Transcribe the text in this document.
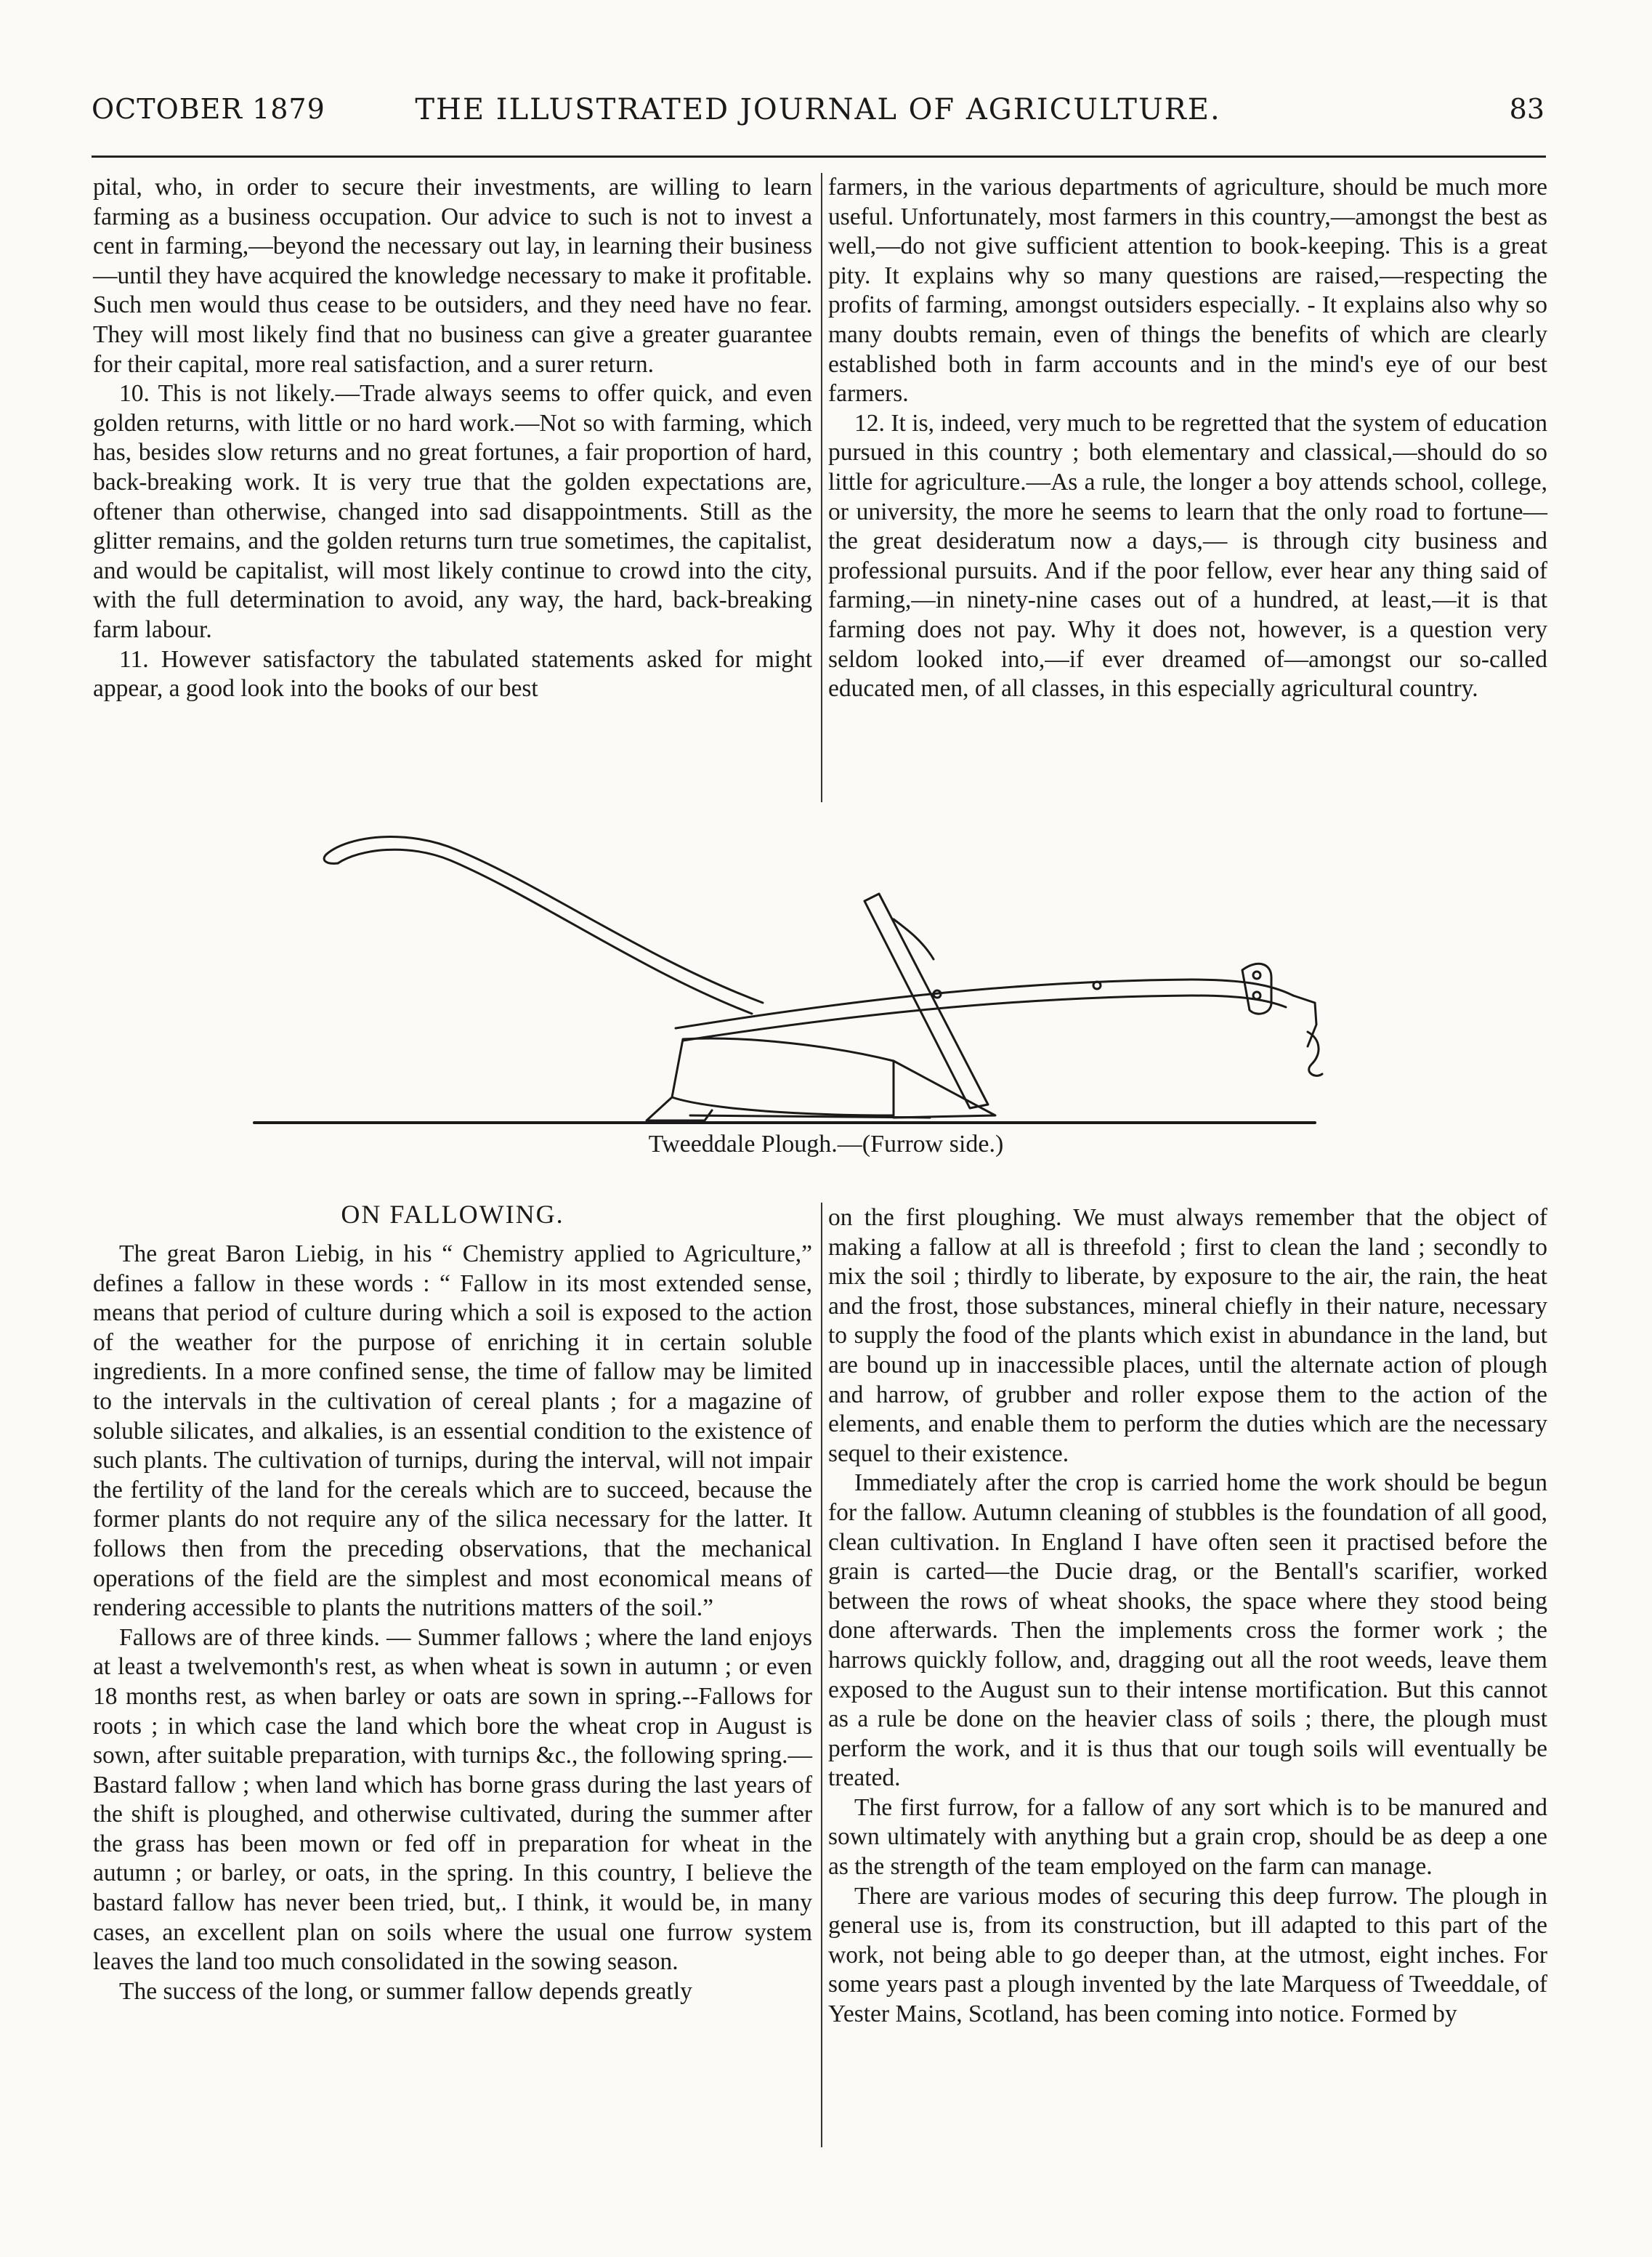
OCTOBER 1879	THE ILLUSTRATED JOURNAL OF AGRICULTURE.	83

pital, who, in order to secure their investments, are willing to learn farming as a business occupation. Our advice to such is not to invest a cent in farming,—beyond the necessary out lay, in learning their business—until they have acquired the knowledge necessary to make it profitable. Such men would thus cease to be outsiders, and they need have no fear. They will most likely find that no business can give a greater guarantee for their capital, more real satisfaction, and a surer return.

10. This is not likely.—Trade always seems to offer quick, and even golden returns, with little or no hard work.—Not so with farming, which has, besides slow returns and no great fortunes, a fair proportion of hard, back-breaking work. It is very true that the golden expectations are, oftener than otherwise, changed into sad disappointments. Still as the glitter remains, and the golden returns turn true sometimes, the capitalist, and would be capitalist, will most likely continue to crowd into the city, with the full determination to avoid, any way, the hard, back-breaking farm labour.

11. However satisfactory the tabulated statements asked for might appear, a good look into the books of our best

farmers, in the various departments of agriculture, should be much more useful. Unfortunately, most farmers in this country,—amongst the best as well,—do not give sufficient attention to book-keeping. This is a great pity. It explains why so many questions are raised,—respecting the profits of farming, amongst outsiders especially. - It explains also why so many doubts remain, even of things the benefits of which are clearly established both in farm accounts and in the mind's eye of our best farmers.

12. It is, indeed, very much to be regretted that the system of education pursued in this country ; both elementary and classical,—should do so little for agriculture.—As a rule, the longer a boy attends school, college, or university, the more he seems to learn that the only road to fortune—the great desideratum now a days,— is through city business and professional pursuits. And if the poor fellow, ever hear any thing said of farming,—in ninety-nine cases out of a hundred, at least,—it is that farming does not pay. Why it does not, however, is a question very seldom looked into,—if ever dreamed of—amongst our so-called educated men, of all classes, in this especially agricultural country.

Tweeddale Plough.—(Furrow side.)
ON FALLOWING.

The great Baron Liebig, in his “ Chemistry applied to Agriculture,” defines a fallow in these words : “ Fallow in its most extended sense, means that period of culture during which a soil is exposed to the action of the weather for the purpose of enriching it in certain soluble ingredients. In a more confined sense, the time of fallow may be limited to the intervals in the cultivation of cereal plants ; for a magazine of soluble silicates, and alkalies, is an essential condition to the existence of such plants. The cultivation of turnips, during the interval, will not impair the fertility of the land for the cereals which are to succeed, because the former plants do not require any of the silica necessary for the latter. It follows then from the preceding observations, that the mechanical operations of the field are the simplest and most economical means of rendering accessible to plants the nutritions matters of the soil.”

Fallows are of three kinds. — Summer fallows ; where the land enjoys at least a twelvemonth's rest, as when wheat is sown in autumn ; or even 18 months rest, as when barley or oats are sown in spring.--Fallows for roots ; in which case the land which bore the wheat crop in August is sown, after suitable preparation, with turnips &c., the following spring.—Bastard fallow ; when land which has borne grass during the last years of the shift is ploughed, and otherwise cultivated, during the summer after the grass has been mown or fed off in preparation for wheat in the autumn ; or barley, or oats, in the spring. In this country, I believe the bastard fallow has never been tried, but,. I think, it would be, in many cases, an excellent plan on soils where the usual one furrow system leaves the land too much consolidated in the sowing season.

The success of the long, or summer fallow depends greatly

on the first ploughing. We must always remember that the object of making a fallow at all is threefold ; first to clean the land ; secondly to mix the soil ; thirdly to liberate, by exposure to the air, the rain, the heat and the frost, those substances, mineral chiefly in their nature, necessary to supply the food of the plants which exist in abundance in the land, but are bound up in inaccessible places, until the alternate action of plough and harrow, of grubber and roller expose them to the action of the elements, and enable them to perform the duties which are the necessary sequel to their existence.

Immediately after the crop is carried home the work should be begun for the fallow. Autumn cleaning of stubbles is the foundation of all good, clean cultivation. In England I have often seen it practised before the grain is carted—the Ducie drag, or the Bentall's scarifier, worked between the rows of wheat shooks, the space where they stood being done afterwards. Then the implements cross the former work ; the harrows quickly follow, and, dragging out all the root weeds, leave them exposed to the August sun to their intense mortification. But this cannot as a rule be done on the heavier class of soils ; there, the plough must perform the work, and it is thus that our tough soils will eventually be treated.

The first furrow, for a fallow of any sort which is to be manured and sown ultimately with anything but a grain crop, should be as deep a one as the strength of the team employed on the farm can manage.

There are various modes of securing this deep furrow. The plough in general use is, from its construction, but ill adapted to this part of the work, not being able to go deeper than, at the utmost, eight inches. For some years past a plough invented by the late Marquess of Tweeddale, of Yester Mains, Scotland, has been coming into notice. Formed by
